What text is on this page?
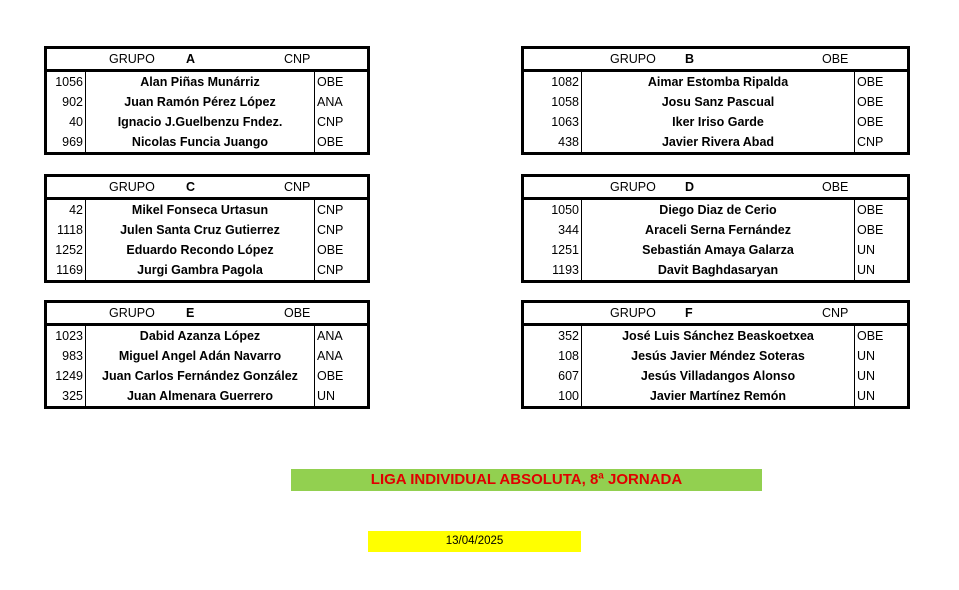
GRUPO A	CNP
1056	Alan Piñas Munárriz	OBE
902	Juan Ramón Pérez López	ANA
40	Ignacio J.Guelbenzu Fndez.	CNP
969	Nicolas Funcia Juango	OBE
GRUPO B	OBE
1082	Aimar Estomba Ripalda	OBE
1058	Josu Sanz Pascual	OBE
1063	Iker Iriso Garde	OBE
438	Javier Rivera Abad	CNP
GRUPO C	CNP
42	Mikel Fonseca Urtasun	CNP
1118	Julen Santa Cruz Gutierrez	CNP
1252	Eduardo Recondo López	OBE
1169	Jurgi Gambra Pagola	CNP
GRUPO D	OBE
1050	Diego Diaz de Cerio	OBE
344	Araceli Serna Fernández	OBE
1251	Sebastián Amaya Galarza	UN
1193	Davit Baghdasaryan	UN
GRUPO E	OBE
1023	Dabid Azanza López	ANA
983	Miguel Angel Adán Navarro	ANA
1249	Juan Carlos Fernández González	OBE
325	Juan Almenara Guerrero	UN
GRUPO F	CNP
352	José Luis Sánchez Beaskoetxea	OBE
108	Jesús Javier Méndez Soteras	UN
607	Jesús Villadangos Alonso	UN
100	Javier Martínez Remón	UN
LIGA INDIVIDUAL ABSOLUTA, 8ª JORNADA
13/04/2025
